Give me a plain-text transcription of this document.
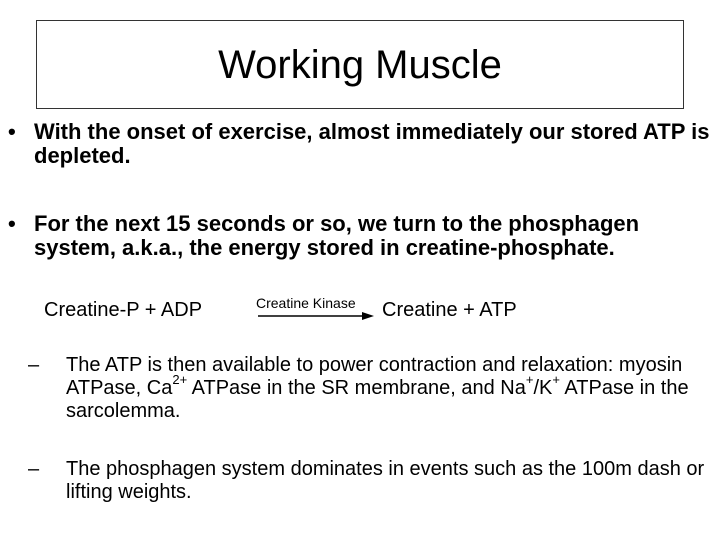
Working Muscle
• With the onset of exercise, almost immediately our stored ATP is depleted.
• For the next 15 seconds or so, we turn to the phosphagen system, a.k.a., the energy stored in creatine-phosphate.
Creatine-P + ADP	Creatine Kinase Creatine + ATP
– The ATP is then available to power contraction and relaxation: myosin ATPase, $Ca^{2+}$ ATPase in the SR membrane, and Na+/K+ ATPase in the sarcolemma.
– The phosphagen system dominates in events such as the 100m dash or lifting weights.
